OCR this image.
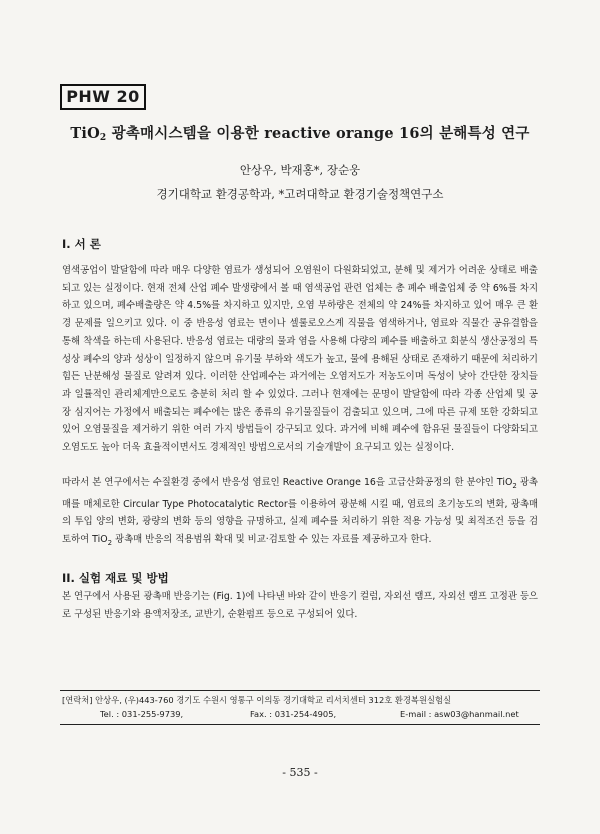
PHW 20
TiO$_2$ 광촉매시스템을 이용한 reactive orange 16의 분해특성 연구
안상우, 박재홍*, 장순웅
경기대학교 환경공학과, *고려대학교 환경기술정책연구소
I. 서 론

염색공업이 발달함에 따라 매우 다양한 염료가 생성되어 오염원이 다원화되었고, 분해 및 제거가 어려운 상태로 배출되고 있는 실정이다. 현재 전체 산업 폐수 발생량에서 볼 때 염색공업 관련 업체는 총 폐수 배출업체 중 약 6%를 차지하고 있으며, 폐수배출량은 약 4.5%를 차지하고 있지만, 오염 부하량은 전체의 약 24%를 차지하고 있어 매우 큰 환경 문제를 일으키고 있다. 이 중 반응성 염료는 면이나 셀룰로오스계 직물을 염색하거나, 염료와 직물간 공유결합을 통해 착색을 하는데 사용된다. 반응성 염료는 대량의 물과 염을 사용해 다량의 폐수를 배출하고 회분식 생산공정의 특성상 폐수의 양과 성상이 일정하지 않으며 유기물 부하와 색도가 높고, 물에 용해된 상태로 존재하기 때문에 처리하기 힘든 난분해성 물질로 알려져 있다. 이러한 산업폐수는 과거에는 오염저도가 저농도이며 독성이 낮아 간단한 장치들과 일률적인 관리체계만으로도 충분히 처리 할 수 있었다. 그러나 현재에는 문명이 발달함에 따라 각종 산업체 및 공장 심지어는 가정에서 배출되는 폐수에는 많은 종류의 유기물질들이 검출되고 있으며, 그에 따른 규제 또한 강화되고 있어 오염물질을 제거하기 위한 여러 가지 방법들이 강구되고 있다. 과거에 비해 폐수에 함유된 물질들이 다양화되고 오염도도 높아 더욱 효율적이면서도 경제적인 방법으로서의 기술개발이 요구되고 있는 실정이다.

따라서 본 연구에서는 수질환경 중에서 반응성 염료인 Reactive Orange 16을 고급산화공정의 한 분야인 TiO$_2$ 광촉매를 매체로한 Circular Type Photocatalytic Rector를 이용하여 광분해 시킬 때, 염료의 초기농도의 변화, 광촉매의 투입 양의 변화, 광량의 변화 등의 영향을 규명하고, 실제 폐수를 처리하기 위한 적용 가능성 및 최적조건 등을 검토하여 TiO$_2$ 광촉매 반응의 적용범위 확대 및 비교·검토할 수 있는 자료를 제공하고자 한다.

II. 실험 재료 및 방법

본 연구에서 사용된 광촉매 반응기는 (Fig. 1)에 나타낸 바와 같이 반응기 컬럼, 자외선 램프, 자외선 램프 고정관 등으로 구성된 반응기와 용액저장조, 교반기, 순환펌프 등으로 구성되어 있다.

[연락처] 안상우, (우)443-760 경기도 수원시 영통구 이의동 경기대학교 리서치센터 312호 환경복원실험실
Tel. : 031-255-9739,	Fax. : 031-254-4905,	E-mail : asw03@hanmail.net
- 535 -
